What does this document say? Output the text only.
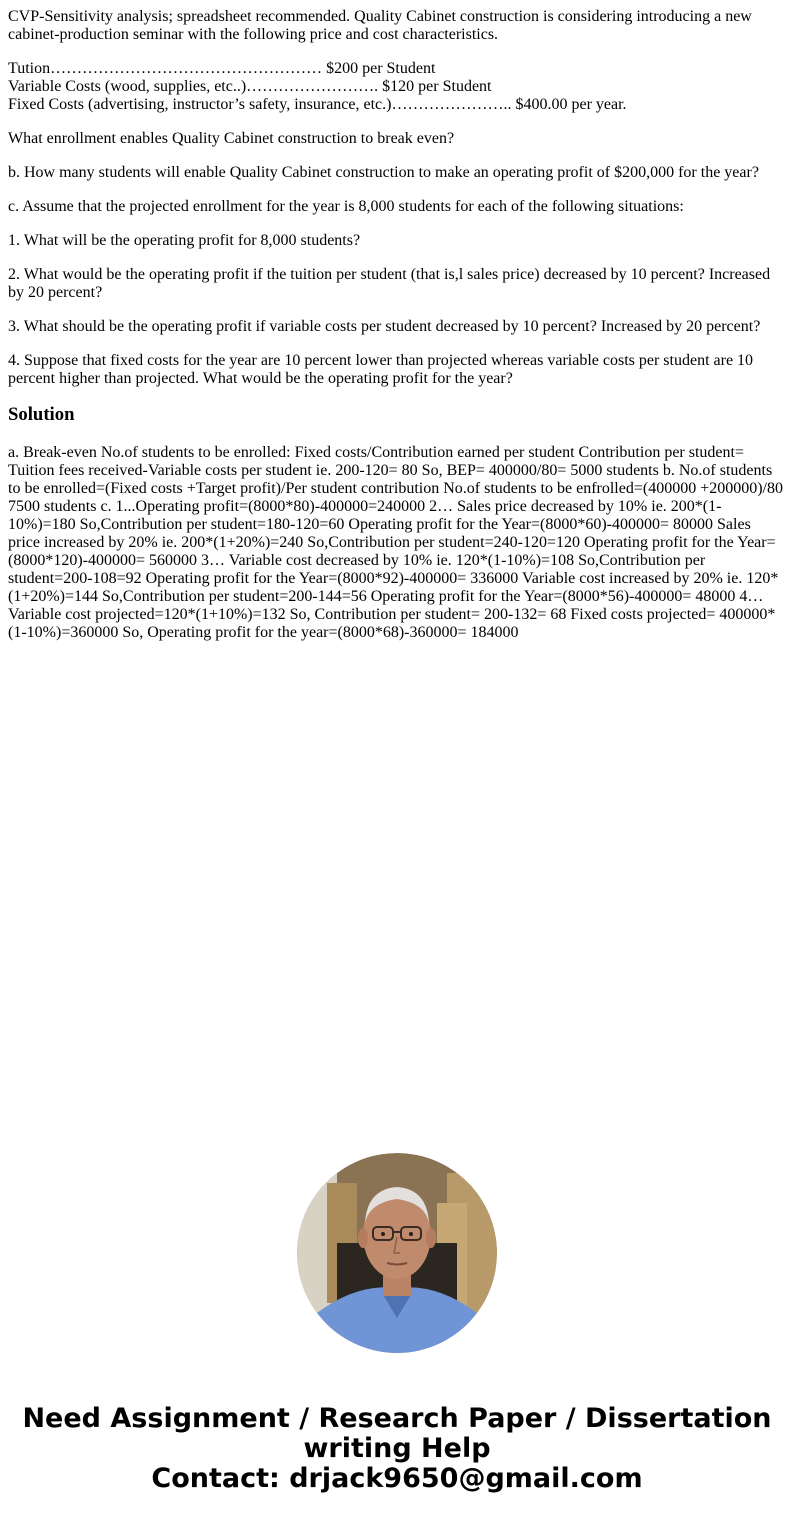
CVP-Sensitivity analysis; spreadsheet recommended. Quality Cabinet construction is considering introducing a new cabinet-production seminar with the following price and cost characteristics.

Tution…………………………………………… $200 per Student
Variable Costs (wood, supplies, etc..)……………………. $120 per Student
Fixed Costs (advertising, instructor’s safety, insurance, etc.)………………….. $400.00 per year.

What enrollment enables Quality Cabinet construction to break even?

b. How many students will enable Quality Cabinet construction to make an operating profit of $200,000 for the year?

c. Assume that the projected enrollment for the year is 8,000 students for each of the following situations:

1. What will be the operating profit for 8,000 students?

2. What would be the operating profit if the tuition per student (that is,l sales price) decreased by 10 percent? Increased by 20 percent?

3. What should be the operating profit if variable costs per student decreased by 10 percent? Increased by 20 percent?

4. Suppose that fixed costs for the year are 10 percent lower than projected whereas variable costs per student are 10 percent higher than projected. What would be the operating profit for the year?

Solution

a. Break-even No.of students to be enrolled: Fixed costs/Contribution earned per student Contribution per student= Tuition fees received-Variable costs per student ie. 200-120= 80 So, BEP= 400000/80= 5000 students b. No.of students to be enrolled=(Fixed costs +Target profit)/Per student contribution No.of students to be enfrolled=(400000 +200000)/80 7500 students c. 1...Operating profit=(8000*80)-400000=240000 2… Sales price decreased by 10% ie. 200*(1-10%)=180 So,Contribution per student=180-120=60 Operating profit for the Year=(8000*60)-400000= 80000 Sales price increased by 20% ie. 200*(1+20%)=240 So,Contribution per student=240-120=120 Operating profit for the Year=(8000*120)-400000= 560000 3… Variable cost decreased by 10% ie. 120*(1-10%)=108 So,Contribution per student=200-108=92 Operating profit for the Year=(8000*92)-400000= 336000 Variable cost increased by 20% ie. 120*(1+20%)=144 So,Contribution per student=200-144=56 Operating profit for the Year=(8000*56)-400000= 48000 4… Variable cost projected=120*(1+10%)=132 So, Contribution per student= 200-132= 68 Fixed costs projected= 400000*(1-10%)=360000 So, Operating profit for the year=(8000*68)-360000= 184000

Need Assignment / Research Paper / Dissertation
writing Help
Contact: drjack9650@gmail.com
